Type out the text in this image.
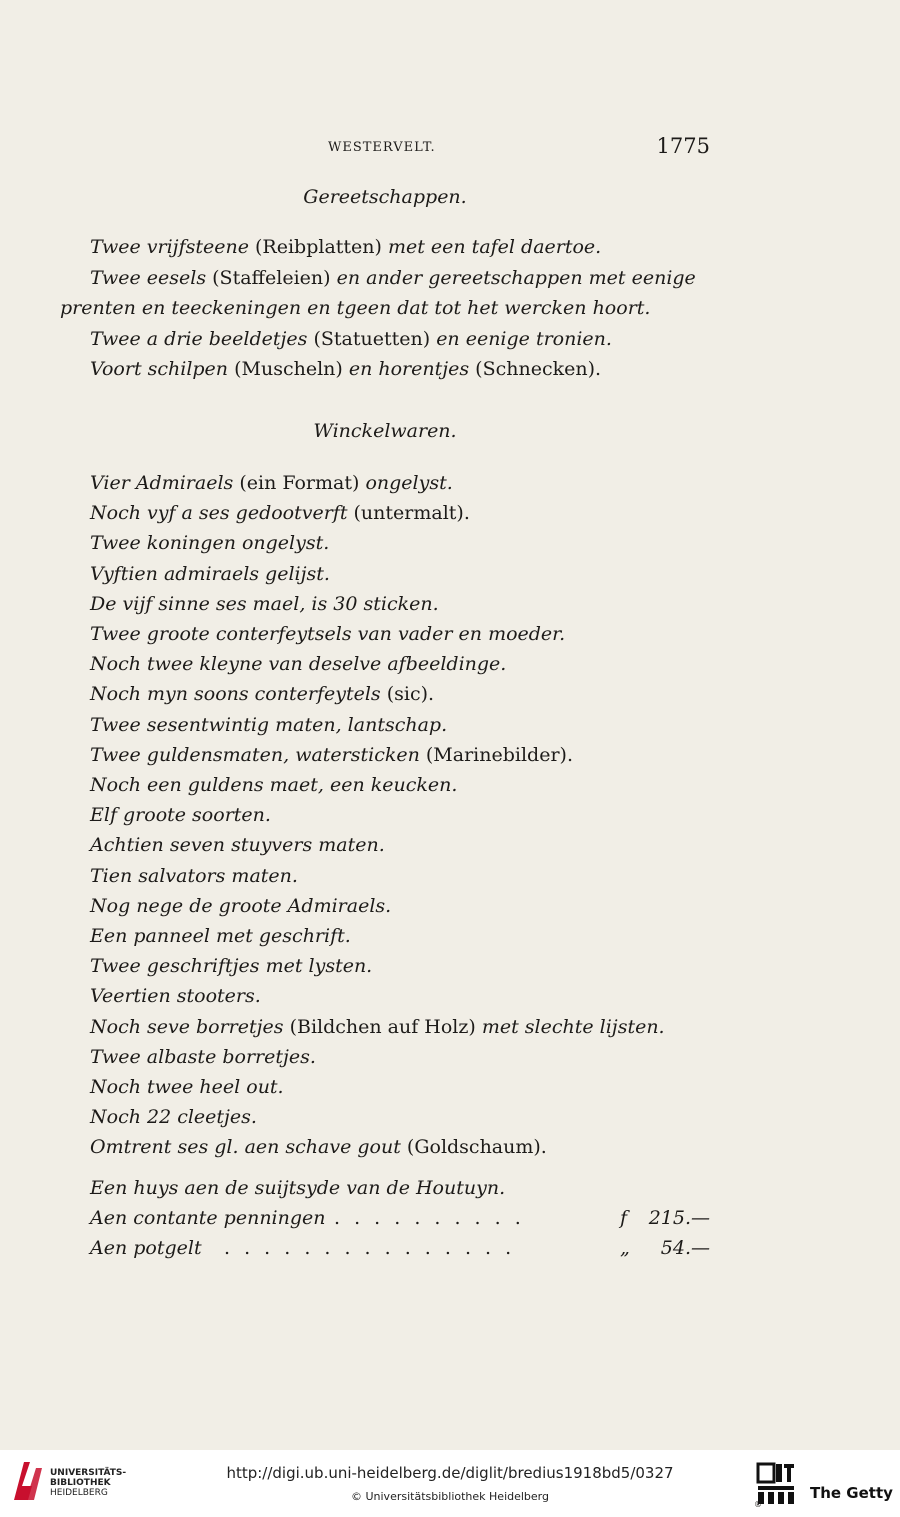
WESTERVELT.	1775
Gereetschappen.
Twee vrijfsteene (Reibplatten) met een tafel daertoe.
Twee eesels (Staffeleien) en ander gereetschappen met eenige
prenten en teeckeningen en tgeen dat tot het wercken hoort.
Twee a drie beeldetjes (Statuetten) en eenige tronien.
Voort schilpen (Muscheln) en horentjes (Schnecken).
Winckelwaren.
Vier Admiraels (ein Format) ongelyst.
Noch vyf a ses gedootverft (untermalt).
Twee koningen ongelyst.
Vyftien admiraels gelijst.
De vijf sinne ses mael, is 30 sticken.
Twee groote conterfeytsels van vader en moeder.
Noch twee kleyne van deselve afbeeldinge.
Noch myn soons conterfeytels (sic).
Twee sesentwintig maten, lantschap.
Twee guldensmaten, watersticken (Marinebilder).
Noch een guldens maet, een keucken.
Elf groote soorten.
Achtien seven stuyvers maten.
Tien salvators maten.
Nog nege de groote Admiraels.
Een panneel met geschrift.
Twee geschriftjes met lysten.
Veertien stooters.
Noch seve borretjes (Bildchen auf Holz) met slechte lijsten.
Twee albaste borretjes.
Noch twee heel out.
Noch 22 cleetjes.
Omtrent ses gl. aen schave gout (Goldschaum).
Een huys aen de suijtsyde van de Houtuyn.
Aen contante penningen . . . . . . . . . .	f 215.—
Aen potgelt . . . . . . . . . . . . . . .	„ 54.—
UNIVERSITÄTS-
BIBLIOTHEK
HEIDELBERG
http://digi.ub.uni-heidelberg.de/diglit/bredius1918bd5/0327
© Universitätsbibliothek Heidelberg
®
The Getty
